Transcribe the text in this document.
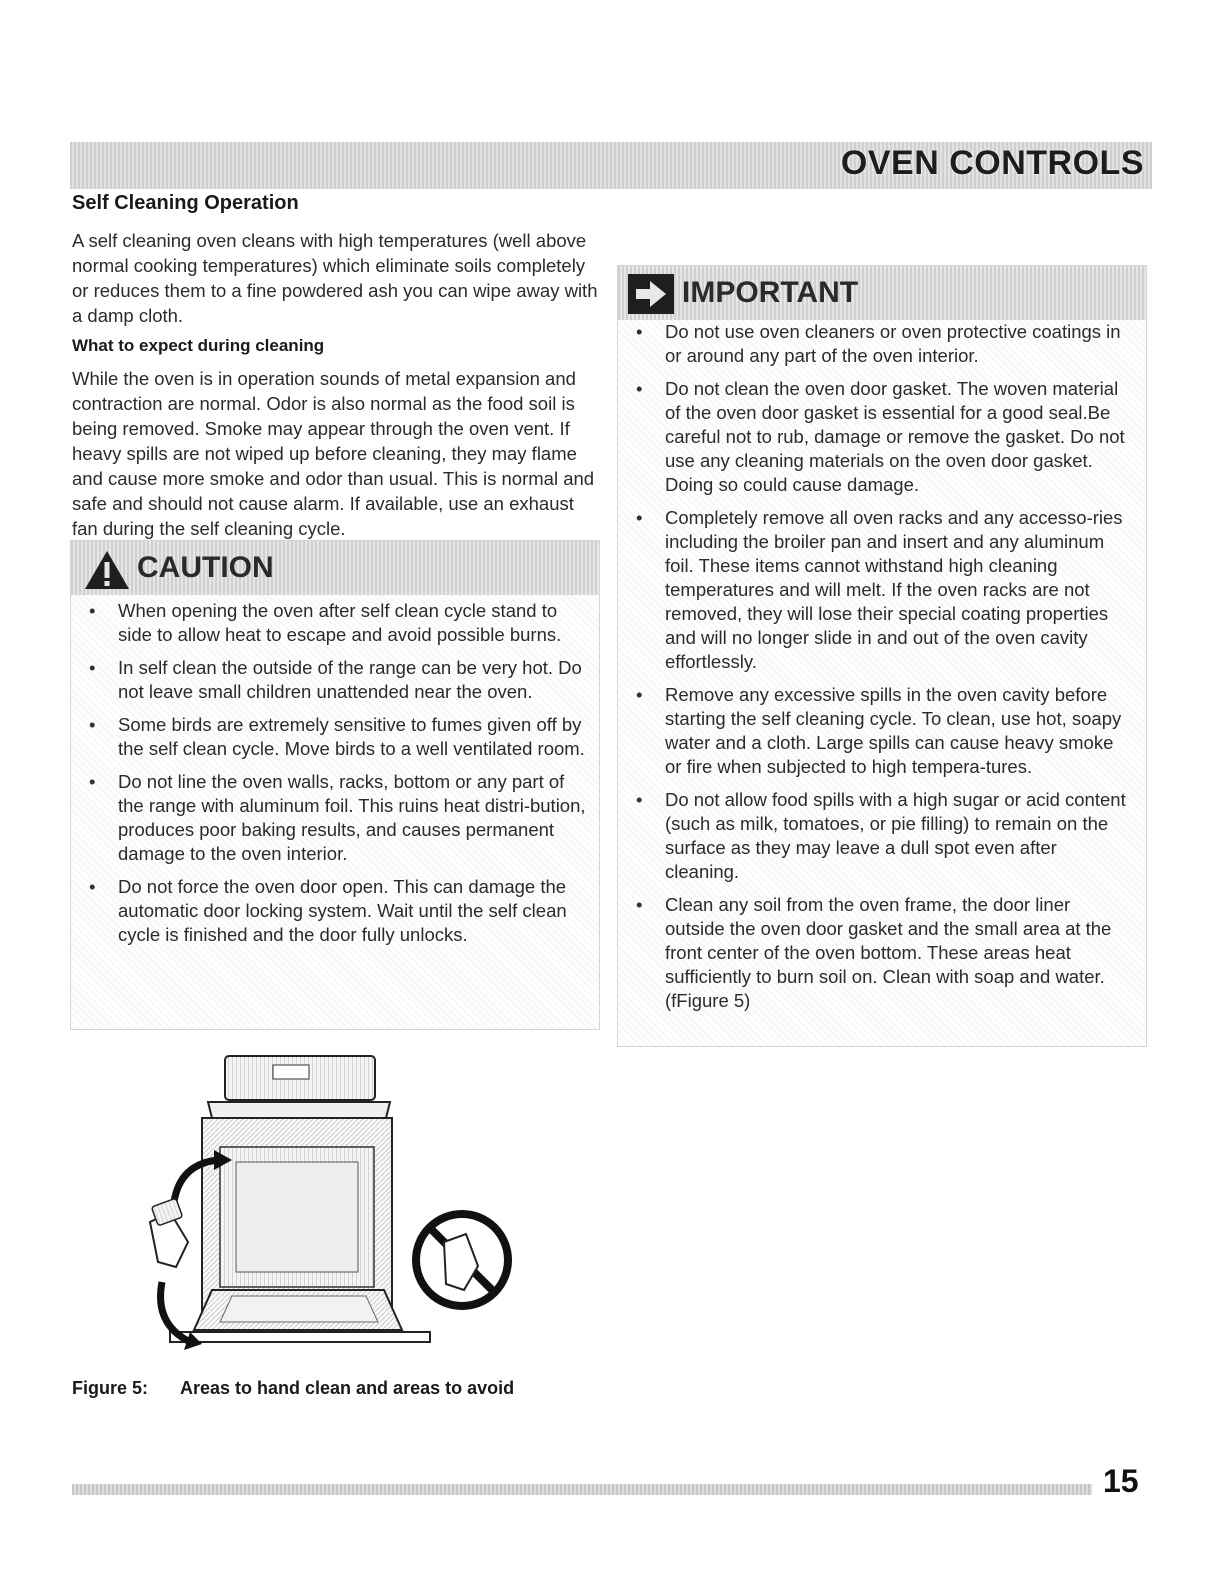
OVEN CONTROLS
Self Cleaning Operation

A self cleaning oven cleans with high temperatures (well above normal cooking temperatures) which eliminate soils completely or reduces them to a fine powdered ash you can wipe away with a damp cloth.

What to expect during cleaning

While the oven is in operation sounds of metal expansion and contraction are normal. Odor is also normal as the food soil is being removed. Smoke may appear through the oven vent. If heavy spills are not wiped up before cleaning, they may flame and cause more smoke and odor than usual. This is normal and safe and should not cause alarm. If available, use an exhaust fan during the self cleaning cycle.

CAUTION
• When opening the oven after self clean cycle stand to side to allow heat to escape and avoid possible burns.
• In self clean the outside of the range can be very hot. Do not leave small children unattended near the oven.
• Some birds are extremely sensitive to fumes given off by the self clean cycle. Move birds to a well ventilated room.
• Do not line the oven walls, racks, bottom or any part of the range with aluminum foil. This ruins heat distri-bution, produces poor baking results, and causes permanent damage to the oven interior.
• Do not force the oven door open. This can damage the automatic door locking system. Wait until the self clean cycle is finished and the door fully unlocks.
IMPORTANT
• Do not use oven cleaners or oven protective coatings in or around any part of the oven interior.
• Do not clean the oven door gasket. The woven material of the oven door gasket is essential for a good seal.Be careful not to rub, damage or remove the gasket. Do not use any cleaning materials on the oven door gasket. Doing so could cause damage.
• Completely remove all oven racks and any accesso-ries including the broiler pan and insert and any aluminum foil. These items cannot withstand high cleaning temperatures and will melt. If the oven racks are not removed, they will lose their special coating properties and will no longer slide in and out of the oven cavity effortlessly.
• Remove any excessive spills in the oven cavity before starting the self cleaning cycle. To clean, use hot, soapy water and a cloth. Large spills can cause heavy smoke or fire when subjected to high tempera-tures.
• Do not allow food spills with a high sugar or acid content (such as milk, tomatoes, or pie filling) to remain on the surface as they may leave a dull spot even after cleaning.
• Clean any soil from the oven frame, the door liner outside the oven door gasket and the small area at the front center of the oven bottom. These areas heat sufficiently to burn soil on. Clean with soap and water. (fFigure 5)

Figure 5: Areas to hand clean and areas to avoid

15
